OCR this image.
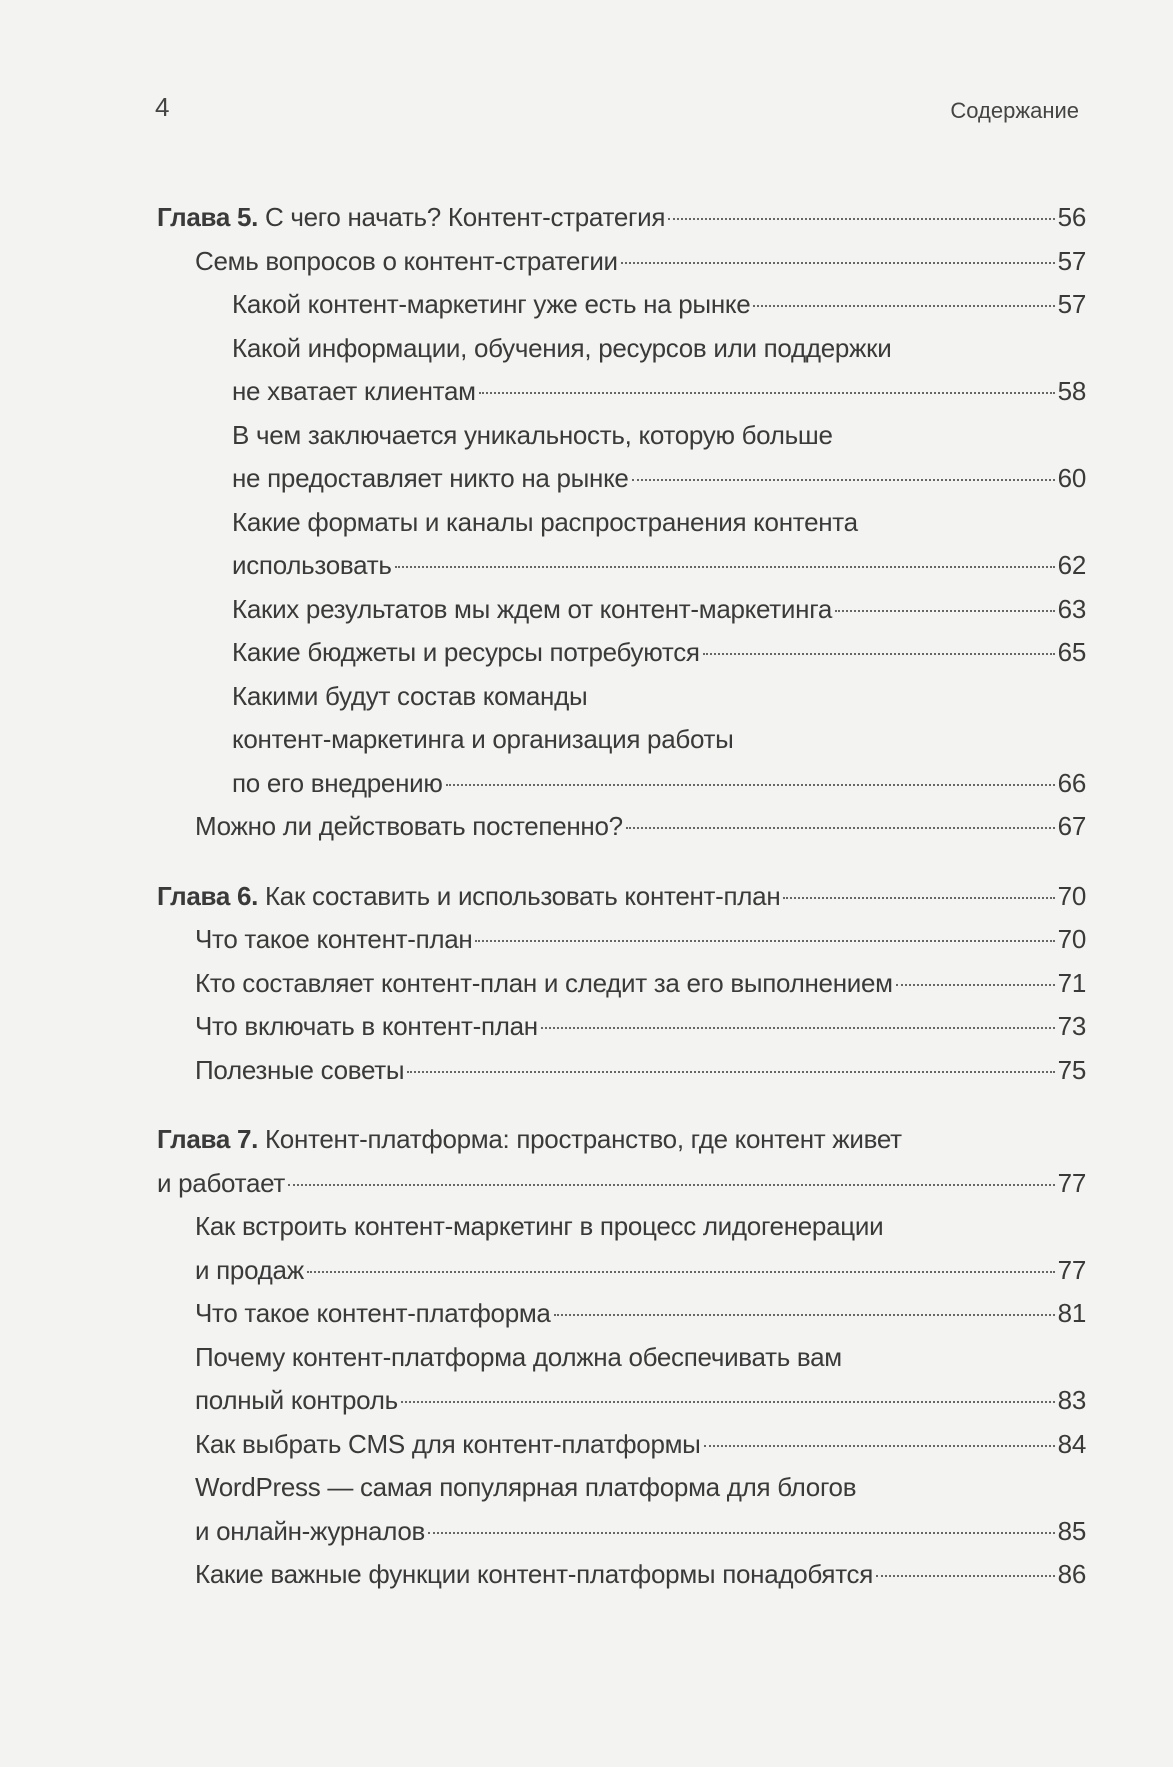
4	Содержание
Глава 5. С чего начать? Контент-стратегия	56
Семь вопросов о контент-стратегии	57
Какой контент-маркетинг уже есть на рынке	57
Какой информации, обучения, ресурсов или поддержки
не хватает клиентам	58
В чем заключается уникальность, которую больше
не предоставляет никто на рынке	60
Какие форматы и каналы распространения контента
использовать	62
Каких результатов мы ждем от контент-маркетинга	63
Какие бюджеты и ресурсы потребуются	65
Какими будут состав команды
контент-маркетинга и организация работы
по его внедрению	66
Можно ли действовать постепенно?	67
Глава 6. Как составить и использовать контент-план	70
Что такое контент-план	70
Кто составляет контент-план и следит за его выполнением	71
Что включать в контент-план	73
Полезные советы	75
Глава 7. Контент-платформа: пространство, где контент живет
и работает	77
Как встроить контент-маркетинг в процесс лидогенерации
и продаж	77
Что такое контент-платформа	81
Почему контент-платформа должна обеспечивать вам
полный контроль	83
Как выбрать CMS для контент-платформы	84
WordPress — самая популярная платформа для блогов
и онлайн-журналов	85
Какие важные функции контент-платформы понадобятся	86
